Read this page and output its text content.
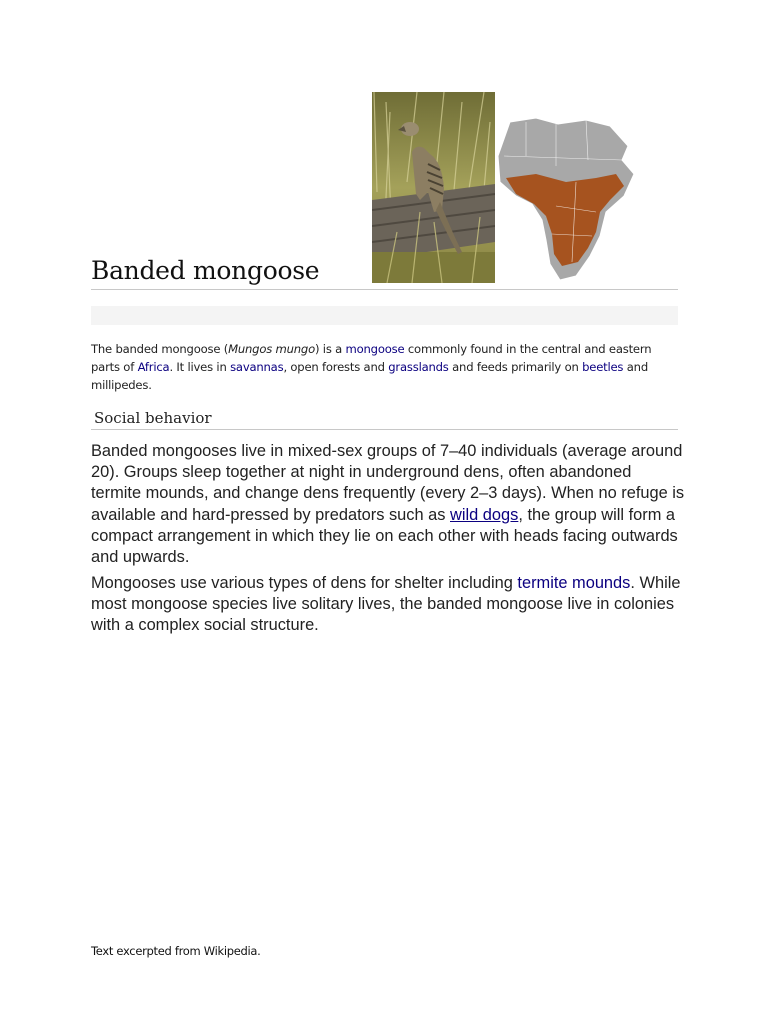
Banded mongoose

The banded mongoose (Mungos mungo) is a mongoose commonly found in the central and eastern parts of Africa. It lives in savannas, open forests and grasslands and feeds primarily on beetles and millipedes.

Social behavior

Banded mongooses live in mixed-sex groups of 7–40 individuals (average around 20). Groups sleep together at night in underground dens, often abandoned termite mounds, and change dens frequently (every 2–3 days). When no refuge is available and hard-pressed by predators such as wild dogs, the group will form a compact arrangement in which they lie on each other with heads facing outwards and upwards.

Mongooses use various types of dens for shelter including termite mounds. While most mongoose species live solitary lives, the banded mongoose live in colonies with a complex social structure.

Text excerpted from Wikipedia.
